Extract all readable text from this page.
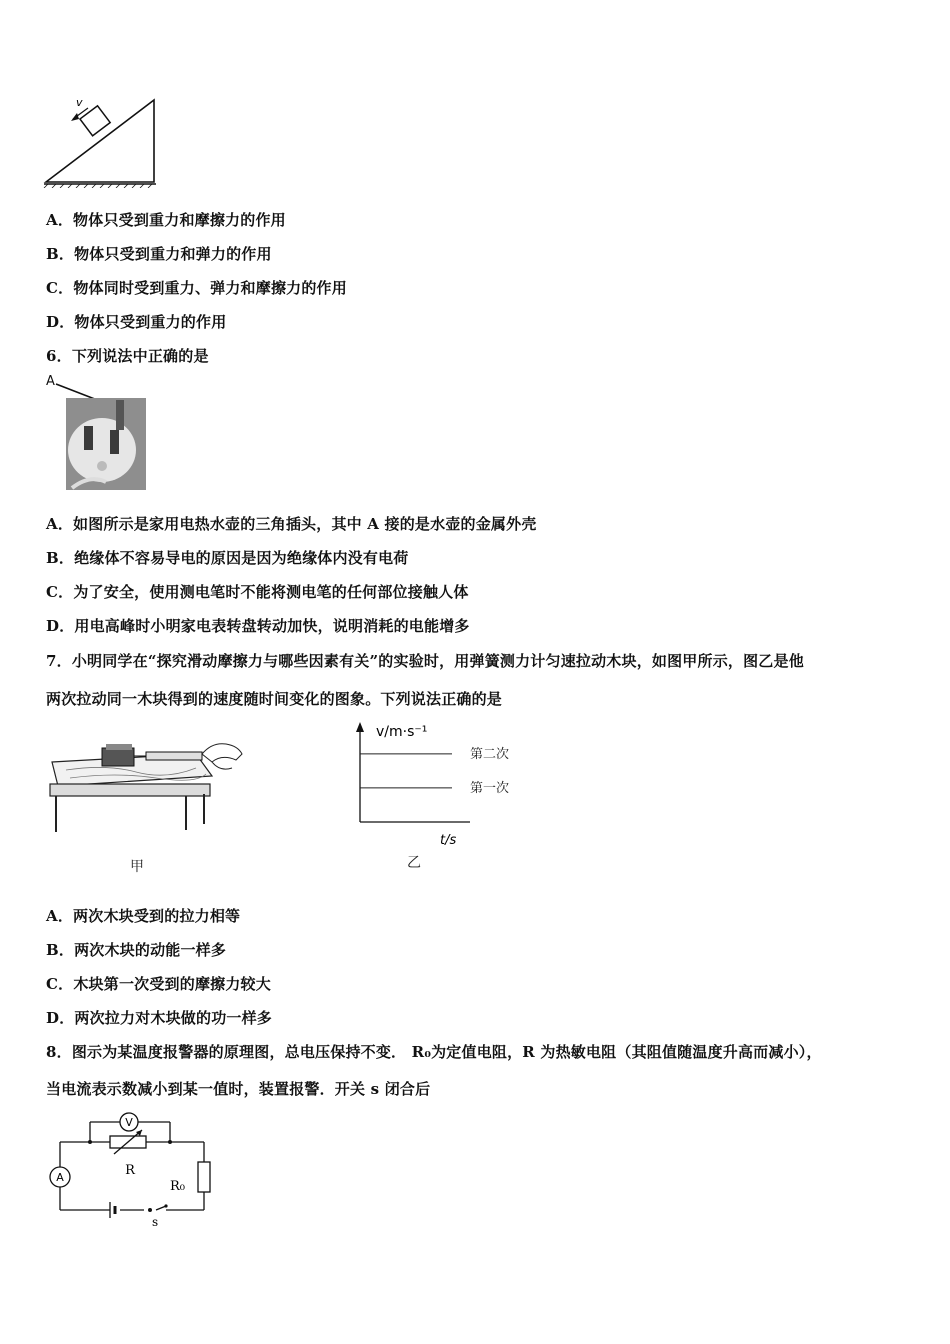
v
A．物体只受到重力和摩擦力的作用
B．物体只受到重力和弹力的作用
C．物体同时受到重力、弹力和摩擦力的作用
D．物体只受到重力的作用
6．下列说法中正确的是
A
A．如图所示是家用电热水壶的三角插头，其中 A 接的是水壶的金属外壳
B．绝缘体不容易导电的原因是因为绝缘体内没有电荷
C．为了安全，使用测电笔时不能将测电笔的任何部位接触人体
D．用电高峰时小明家电表转盘转动加快，说明消耗的电能增多
7．小明同学在“探究滑动摩擦力与哪些因素有关”的实验时，用弹簧测力计匀速拉动木块，如图甲所示，图乙是他
两次拉动同一木块得到的速度随时间变化的图象。下列说法正确的是
甲
v/m·s⁻¹
t/s
第二次
第一次
乙
A．两次木块受到的拉力相等
B．两次木块的动能一样多
C．木块第一次受到的摩擦力较大
D．两次拉力对木块做的功一样多
8．图示为某温度报警器的原理图，总电压保持不变． R₀为定值电阻，R 为热敏电阻（其阻值随温度升高而减小），
当电流表示数减小到某一值时，装置报警．开关 s 闭合后
V
A	R
R₀
s
